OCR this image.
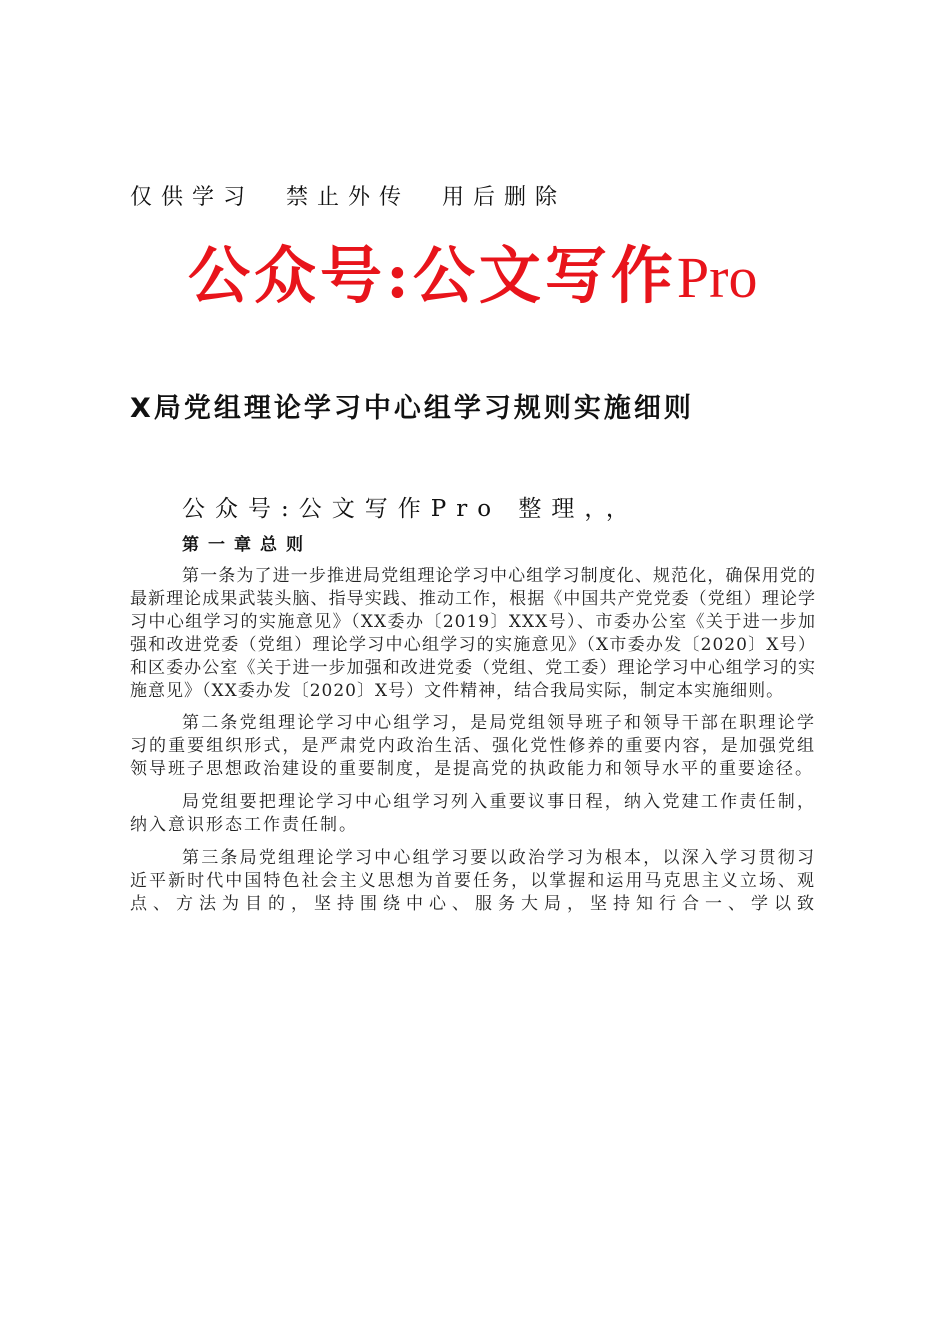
仅供学习  禁止外传  用后删除
公众号:公文写作Pro
X局党组理论学习中心组学习规则实施细则
公众号:公文写作Pro 整理，，
第一章总则

第一条为了进一步推进局党组理论学习中心组学习制度化、规范化，确保用党的最新理论成果武装头脑、指导实践、推动工作，根据《中国共产党党委（党组）理论学习中心组学习的实施意见》（XX委办〔2019〕XXX号）、市委办公室《关于进一步加强和改进党委（党组）理论学习中心组学习的实施意见》（X市委办发〔2020〕X号）和区委办公室《关于进一步加强和改进党委（党组、党工委）理论学习中心组学习的实施意见》（XX委办发〔2020〕X号）文件精神，结合我局实际，制定本实施细则。

第二条党组理论学习中心组学习，是局党组领导班子和领导干部在职理论学习的重要组织形式，是严肃党内政治生活、强化党性修养的重要内容，是加强党组领导班子思想政治建设的重要制度，是提高党的执政能力和领导水平的重要途径。

局党组要把理论学习中心组学习列入重要议事日程，纳入党建工作责任制，纳入意识形态工作责任制。

第三条局党组理论学习中心组学习要以政治学习为根本，以深入学习贯彻习近平新时代中国特色社会主义思想为首要任务，以掌握和运用马克思主义立场、观点、方法为目的，坚持围绕中心、服务大局，坚持知行合一、学以致
